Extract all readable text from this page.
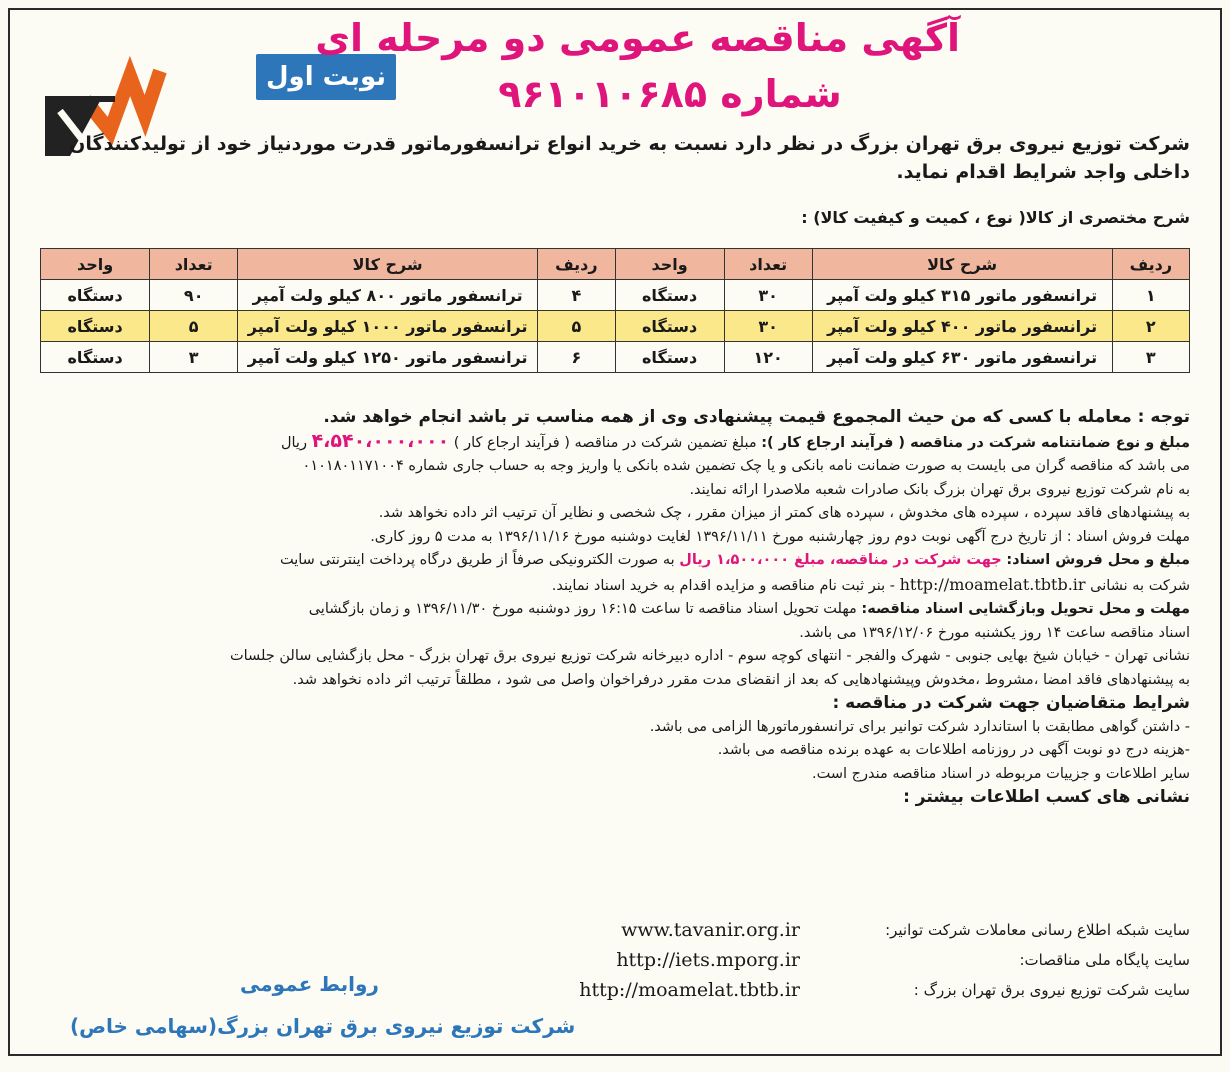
نوبت اول
آگهی مناقصه عمومی دو مرحله ای
شماره ۹۶۱۰۱۰۶۸۵
شرکت توزیع نیروی برق تهران بزرگ در نظر دارد نسبت به خرید انواع ترانسفورماتور قدرت موردنیاز خود از تولیدکنندگان داخلی واجد شرایط اقدام نماید.
شرح مختصری از کالا( نوع ، کمیت و کیفیت کالا) :
ردیف	شرح کالا	تعداد	واحد	ردیف	شرح کالا	تعداد	واحد
۱	ترانسفور ماتور ۳۱۵ کیلو ولت آمپر	۳۰	دستگاه	۴	ترانسفور ماتور ۸۰۰ کیلو ولت آمپر	۹۰	دستگاه
۲	ترانسفور ماتور ۴۰۰ کیلو ولت آمپر	۳۰	دستگاه	۵	ترانسفور ماتور ۱۰۰۰ کیلو ولت آمپر	۵	دستگاه
۳	ترانسفور ماتور ۶۳۰ کیلو ولت آمپر	۱۲۰	دستگاه	۶	ترانسفور ماتور ۱۲۵۰ کیلو ولت آمپر	۳	دستگاه

توجه : معامله با کسی که من حیث المجموع قیمت پیشنهادی وی از همه مناسب تر باشد انجام خواهد شد.

مبلغ و نوع ضمانتنامه شرکت در مناقصه ( فرآیند ارجاع کار ): مبلغ تضمین شرکت در مناقصه ( فرآیند ارجاع کار ) ۴،۵۴۰،۰۰۰،۰۰۰ ریال

می باشد که مناقصه گران می بایست به صورت ضمانت نامه بانکی و یا چک تضمین شده بانکی یا واریز وجه به حساب جاری شماره ۰۱۰۱۸۰۱۱۷۱۰۰۴

به نام شرکت توزیع نیروی برق تهران بزرگ بانک صادرات شعبه ملاصدرا ارائه نمایند.

به پیشنهادهای فاقد سپرده ، سپرده های مخدوش ، سپرده های کمتر از میزان مقرر ، چک شخصی و نظایر آن ترتیب اثر داده نخواهد شد.

مهلت فروش اسناد : از تاریخ درج آگهی نوبت دوم روز چهارشنبه مورخ ۱۳۹۶/۱۱/۱۱ لغایت دوشنبه مورخ ۱۳۹۶/۱۱/۱۶ به مدت ۵ روز کاری.

مبلغ و محل فروش اسناد: جهت شرکت در مناقصه، مبلغ ۱،۵۰۰،۰۰۰ ریال به صورت الکترونیکی صرفاً از طریق درگاه پرداخت اینترنتی سایت

شرکت به نشانی http://moamelat.tbtb.ir - بنر ثبت نام مناقصه و مزایده اقدام به خرید اسناد نمایند.

مهلت و محل تحویل وبازگشایی اسناد مناقصه: مهلت تحویل اسناد مناقصه تا ساعت ۱۶:۱۵ روز دوشنبه مورخ ۱۳۹۶/۱۱/۳۰ و زمان بازگشایی

اسناد مناقصه ساعت ۱۴ روز یکشنبه مورخ ۱۳۹۶/۱۲/۰۶ می باشد.

نشانی تهران - خیابان شیخ بهایی جنوبی - شهرک والفجر - انتهای کوچه سوم - اداره دبیرخانه شرکت توزیع نیروی برق تهران بزرگ - محل بازگشایی سالن جلسات

به پیشنهادهای فاقد امضا ،مشروط ،مخدوش وپیشنهادهایی که بعد از انقضای مدت مقرر درفراخوان واصل می شود ، مطلقاً ترتیب اثر داده نخواهد شد.

شرایط متقاضیان جهت شرکت در مناقصه :

- داشتن گواهی مطابقت با استاندارد شرکت توانیر برای ترانسفورماتورها الزامی می باشد.

-هزینه درج دو نوبت آگهی در روزنامه اطلاعات به عهده برنده مناقصه می باشد.

سایر اطلاعات و جزییات مربوطه در اسناد مناقصه مندرج است.

نشانی های کسب اطلاعات بیشتر :

سایت شبکه اطلاع رسانی معاملات شرکت توانیر:
www.tavanir.org.ir
سایت پایگاه ملی مناقصات:
http://iets.mporg.ir
سایت شرکت توزیع نیروی برق تهران بزرگ :
http://moamelat.tbtb.ir
روابط عمومی
شرکت توزیع نیروی برق تهران بزرگ(سهامی خاص)
